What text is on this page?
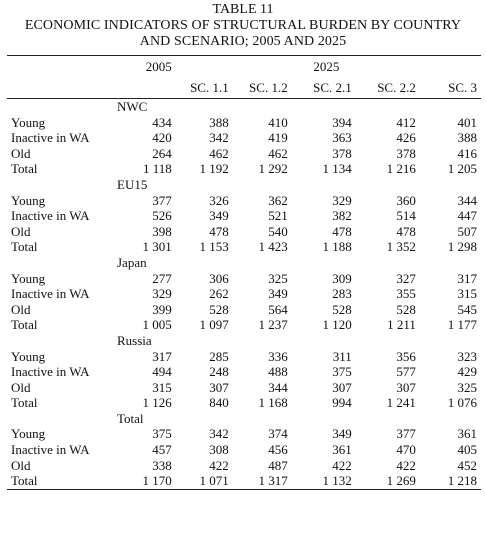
TABLE 11
ECONOMIC INDICATORS OF STRUCTURAL BURDEN BY COUNTRY
AND SCENARIO; 2005 AND 2025

	2005	2025				
		SC. 1.1	SC. 1.2	SC. 2.1	SC. 2.2	SC. 3
NWC						
Young	434	388	410	394	412	401
Inactive in WA	420	342	419	363	426	388
Old	264	462	462	378	378	416
Total	1 118	1 192	1 292	1 134	1 216	1 205
EU15						
Young	377	326	362	329	360	344
Inactive in WA	526	349	521	382	514	447
Old	398	478	540	478	478	507
Total	1 301	1 153	1 423	1 188	1 352	1 298
Japan						
Young	277	306	325	309	327	317
Inactive in WA	329	262	349	283	355	315
Old	399	528	564	528	528	545
Total	1 005	1 097	1 237	1 120	1 211	1 177
Russia						
Young	317	285	336	311	356	323
Inactive in WA	494	248	488	375	577	429
Old	315	307	344	307	307	325
Total	1 126	840	1 168	994	1 241	1 076
Total						
Young	375	342	374	349	377	361
Inactive in WA	457	308	456	361	470	405
Old	338	422	487	422	422	452
Total	1 170	1 071	1 317	1 132	1 269	1 218
